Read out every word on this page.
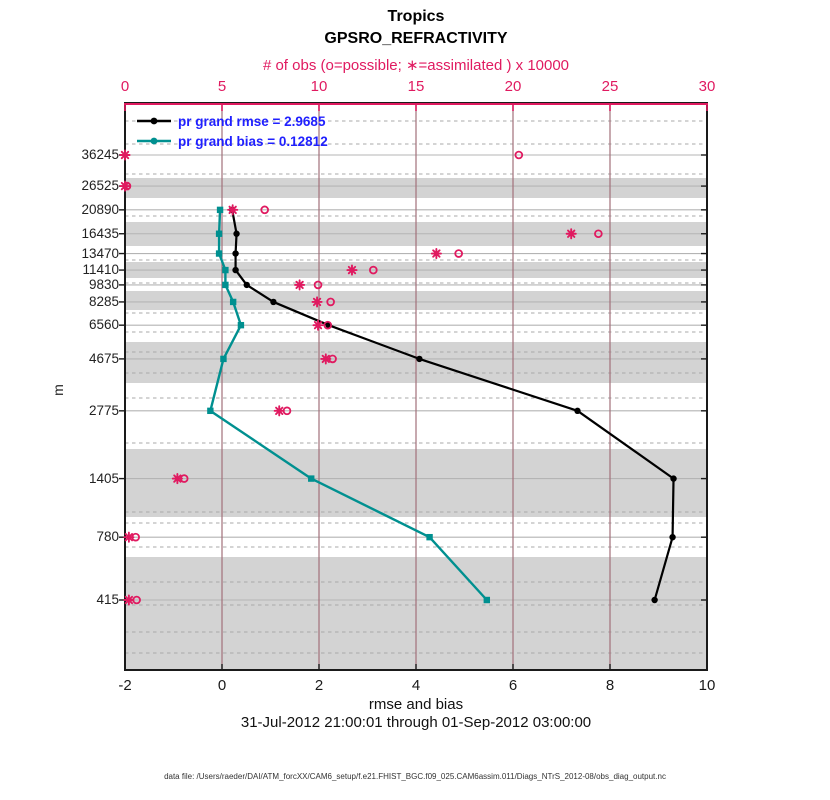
Tropics
GPSRO_REFRACTIVITY
# of obs (o=possible; ∗=assimilated ) x 10000
0	5	10	15	20	25	30
36245
26525
20890
16435
13470
11410
9830
8285
6560
4675
2775
1405
780
415
m
pr grand rmse = 2.9685
pr grand bias = 0.12812
-2	0	2	4	6	8	10
rmse and bias
31-Jul-2012 21:00:01 through 01-Sep-2012 03:00:00
data file: /Users/raeder/DAI/ATM_forcXX/CAM6_setup/f.e21.FHIST_BGC.f09_025.CAM6assim.011/Diags_NTrS_2012-08/obs_diag_output.nc
